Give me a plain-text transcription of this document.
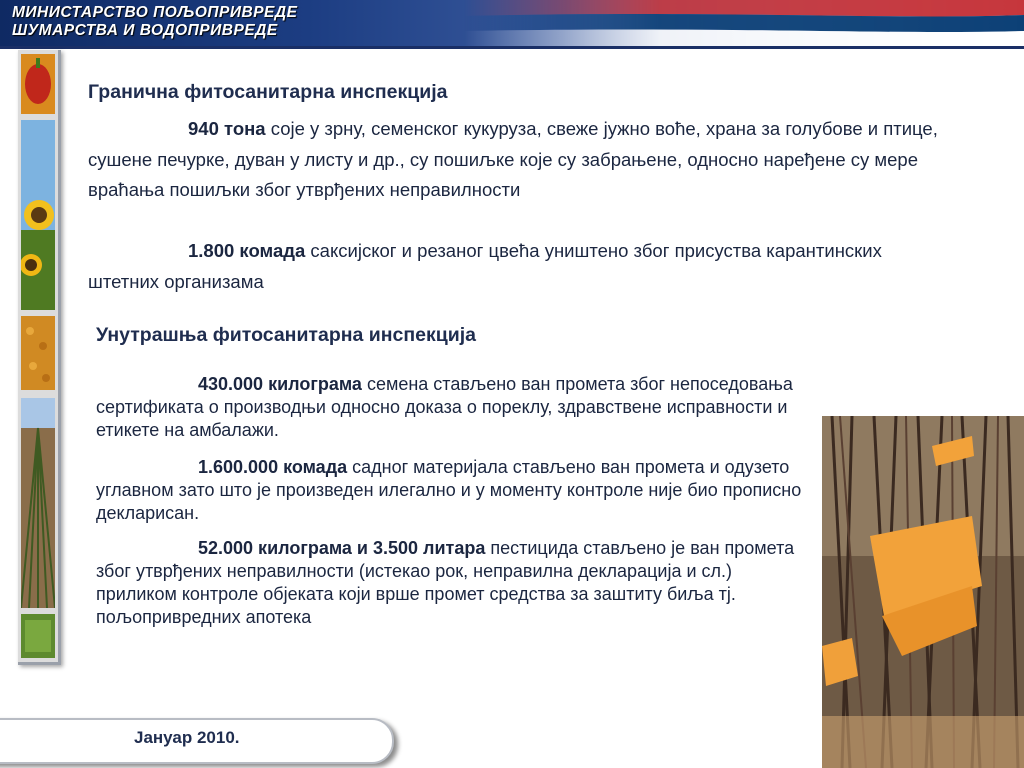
МИНИСТАРСТВО ПОЉОПРИВРЕДЕ
ШУМАРСТВА И ВОДОПРИВРЕДЕ
Гранична фитосанитарна инспекција

940 тона соје у зрну, семенског кукуруза, свеже јужно воће, храна за голубове и птице, сушене печурке, дуван у листу и др., су пошиљке које су забрањене, односно наређене су мере враћања пошиљки због утврђених неправилности

1.800 комада саксијског и резаног цвећа уништено због присуства карантинских штетних организама

Унутрашња фитосанитарна инспекција

430.000 килограма семена стављено ван промета због непоседовања сертификата о производњи односно доказа о пореклу, здравствене исправности и етикете на амбалажи.

1.600.000 комада садног материјала стављено ван промета и одузето углавном зато што је произведен илегално и у моменту контроле није био прописно декларисан.

52.000 килограма и 3.500 литара пестицида стављено је ван промета због утврђених неправилности (истекао рок, неправилна декларација и сл.) приликом контроле објеката који врше промет средства за заштиту биља тј. пољопривредних апотека

Јануар 2010.
